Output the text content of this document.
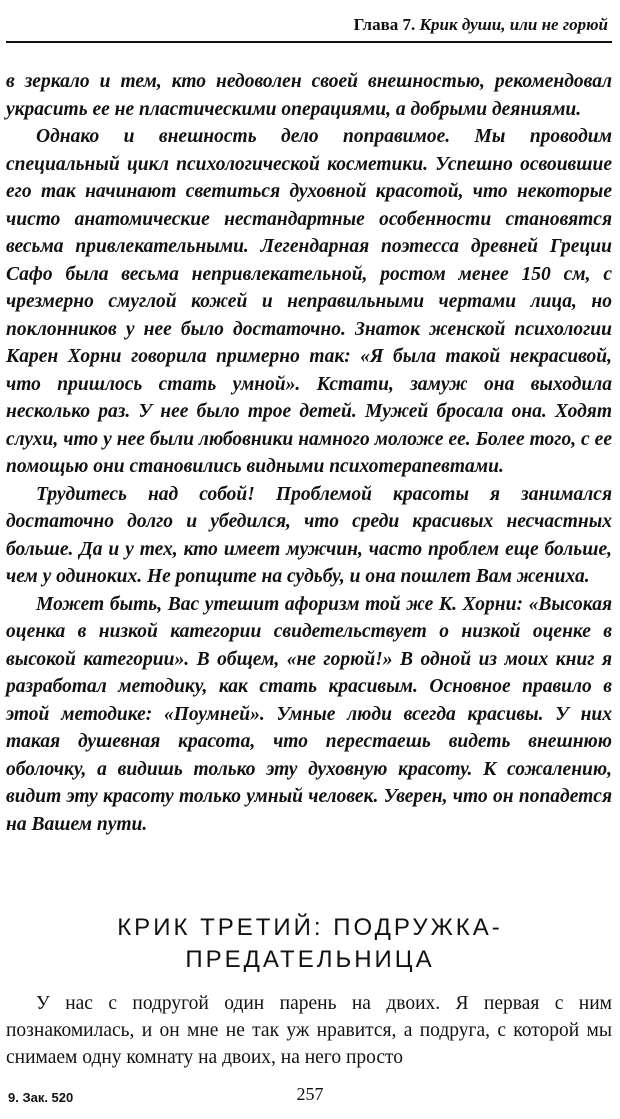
Глава 7. Крик души, или не горюй

в зеркало и тем, кто недоволен своей внешностью, рекомендовал украсить ее не пластическими операциями, а добрыми деяниями.

Однако и внешность дело поправимое. Мы проводим специальный цикл психологической косметики. Успешно освоившие его так начинают светиться духовной красотой, что некоторые чисто анатомические нестандартные особенности становятся весьма привлекательными. Легендарная поэтесса древней Греции Сафо была весьма непривлекательной, ростом менее 150 см, с чрезмерно смуглой кожей и неправильными чертами лица, но поклонников у нее было достаточно. Знаток женской психологии Карен Хорни говорила примерно так: «Я была такой некрасивой, что пришлось стать умной». Кстати, замуж она выходила несколько раз. У нее было трое детей. Мужей бросала она. Ходят слухи, что у нее были любовники намного моложе ее. Более того, с ее помощью они становились видными психотерапевтами.

Трудитесь над собой! Проблемой красоты я занимался достаточно долго и убедился, что среди красивых несчастных больше. Да и у тех, кто имеет мужчин, часто проблем еще больше, чем у одиноких. Не ропщите на судьбу, и она пошлет Вам жениха.

Может быть, Вас утешит афоризм той же К. Хорни: «Высокая оценка в низкой категории свидетельствует о низкой оценке в высокой категории». В общем, «не горюй!» В одной из моих книг я разработал методику, как стать красивым. Основное правило в этой методике: «Поумней». Умные люди всегда красивы. У них такая душевная красота, что перестаешь видеть внешнюю оболочку, а видишь только эту духовную красоту. К сожалению, видит эту красоту только умный человек. Уверен, что он попадется на Вашем пути.

КРИК ТРЕТИЙ: ПОДРУЖКА-
ПРЕДАТЕЛЬНИЦА

У нас с подругой один парень на двоих. Я первая с ним познакомилась, и он мне не так уж нравится, а подруга, с которой мы снимаем одну комнату на двоих, на него просто

9. Зак. 520	257
